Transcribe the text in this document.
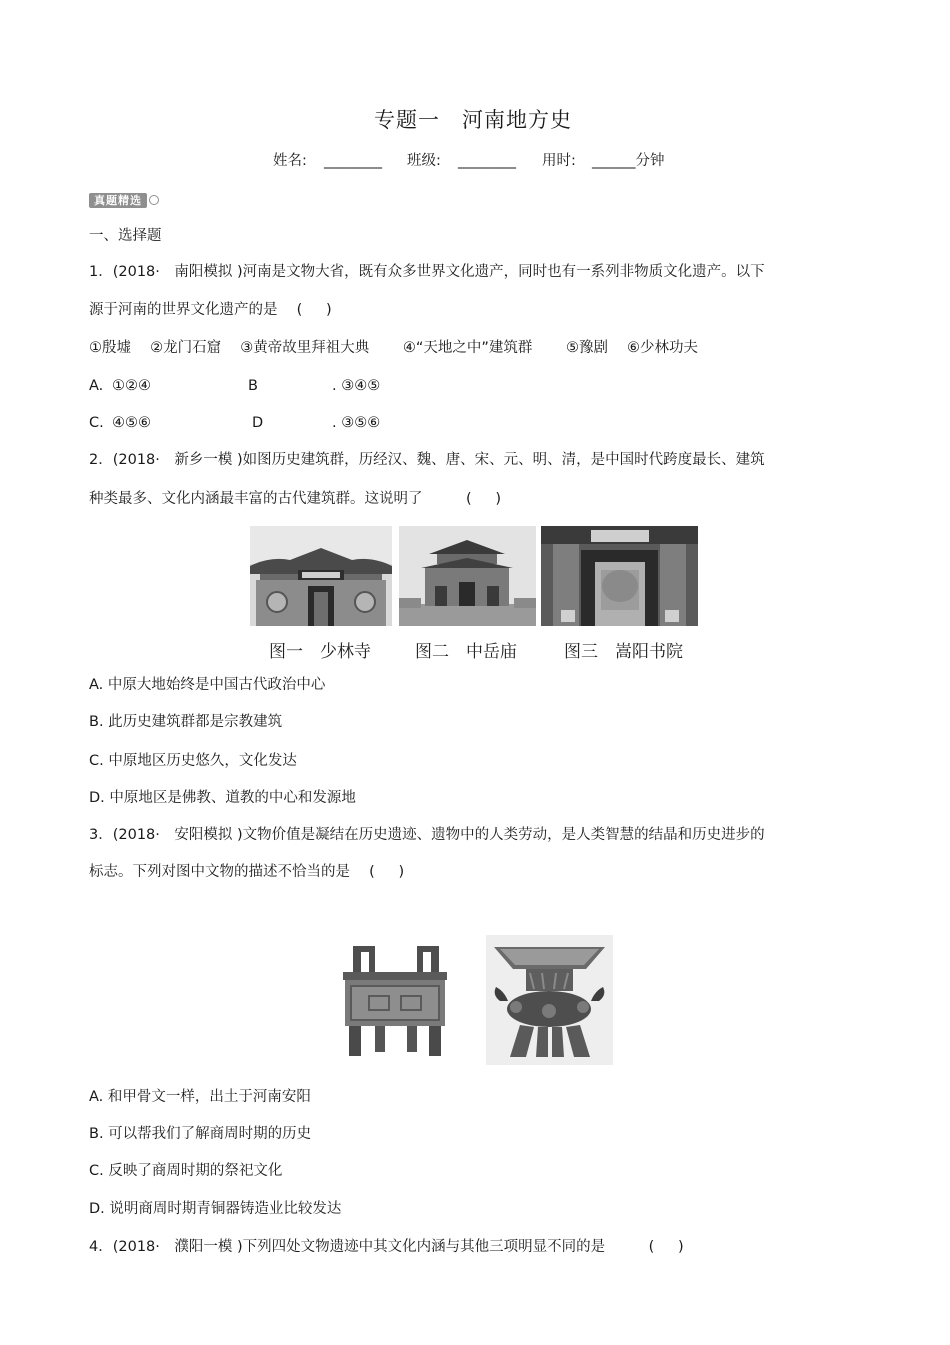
专题一　河南地方史
姓名: ________ 班级: ________ 用时: ______分钟
真题精选
一、选择题
1．(2018·　南阳模拟 )河南是文物大省，既有众多世界文化遗产，同时也有一系列非物质文化遗产。以下
源于河南的世界文化遗产的是　 ( 　 )
①殷墟　 ②龙门石窟　 ③黄帝故里拜祖大典　　 ④“天地之中”建筑群　　 ⑤豫剧　 ⑥少林功夫
A. ①②④	B	. ③④⑤
C. ④⑤⑥	D	. ③⑤⑥
2．(2018·　新乡一模 )如图历史建筑群，历经汉、魏、唐、宋、元、明、清，是中国时代跨度最长、建筑
种类最多、文化内涵最丰富的古代建筑群。这说明了　　　( 　 )
图一　少林寺	图二　中岳庙	图三　嵩阳书院
A. 中原大地始终是中国古代政治中心
B. 此历史建筑群都是宗教建筑
C. 中原地区历史悠久，文化发达
D. 中原地区是佛教、道教的中心和发源地
3．(2018·　安阳模拟 )文物价值是凝结在历史遗迹、遗物中的人类劳动，是人类智慧的结晶和历史进步的
标志。下列对图中文物的描述不恰当的是　 ( 　 )
A. 和甲骨文一样，出土于河南安阳
B. 可以帮我们了解商周时期的历史
C. 反映了商周时期的祭祀文化
D. 说明商周时期青铜器铸造业比较发达
4．(2018·　濮阳一模 )下列四处文物遗迹中其文化内涵与其他三项明显不同的是　　　( 　 )
